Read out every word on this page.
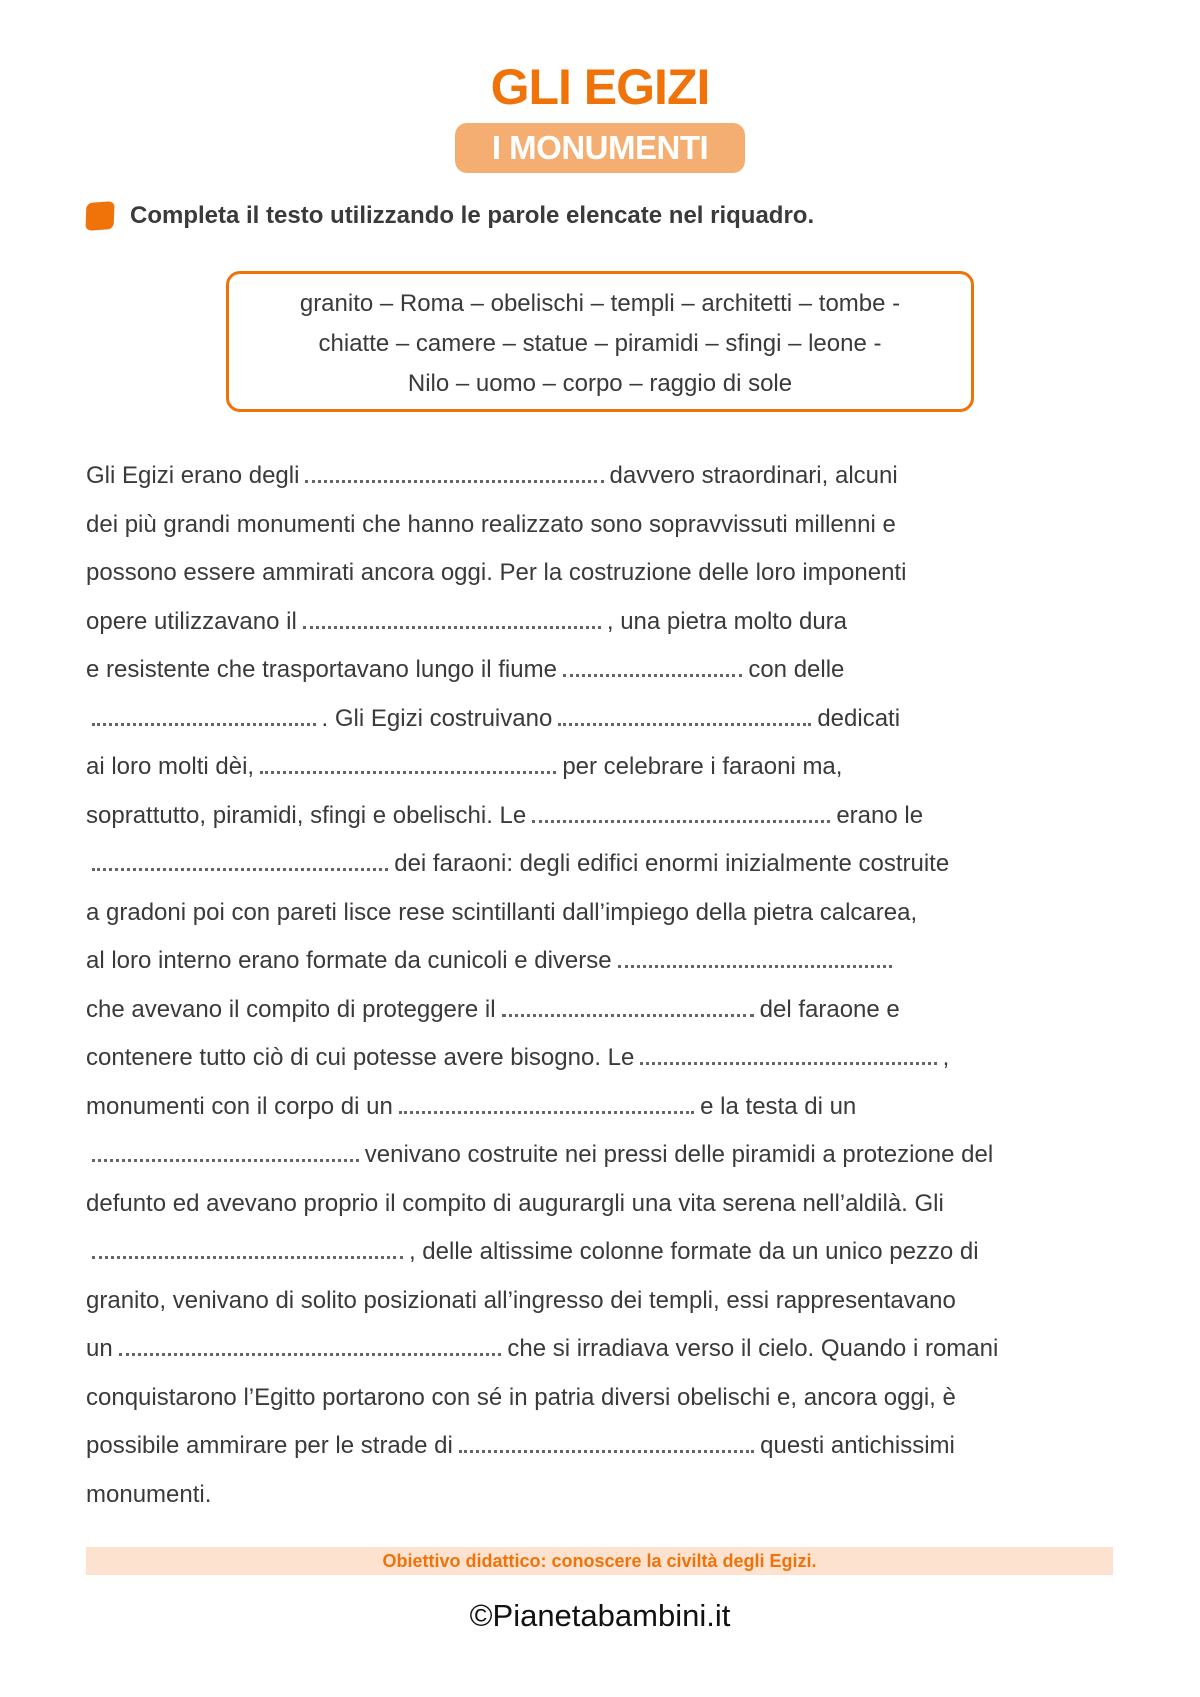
GLI EGIZI
I MONUMENTI
Completa il testo utilizzando le parole elencate nel riquadro.
granito – Roma – obelischi – templi – architetti – tombe -
chiatte – camere – statue – piramidi – sfingi – leone -
Nilo – uomo – corpo – raggio di sole
Gli Egizi erano degli	davvero straordinari, alcuni
dei più grandi monumenti che hanno realizzato sono sopravvissuti millenni e
possono essere ammirati ancora oggi. Per la costruzione delle loro imponenti
opere utilizzavano il	, una pietra molto dura
e resistente che trasportavano lungo il fiume	con delle
. Gli Egizi costruivano	dedicati
ai loro molti dèi,	per celebrare i faraoni ma,
soprattutto, piramidi, sfingi e obelischi. Le	erano le
dei faraoni: degli edifici enormi inizialmente costruite
a gradoni poi con pareti lisce rese scintillanti dall’impiego della pietra calcarea,
al loro interno erano formate da cunicoli e diverse
che avevano il compito di proteggere il	del faraone e
contenere tutto ciò di cui potesse avere bisogno. Le	,
monumenti con il corpo di un	e la testa di un
venivano costruite nei pressi delle piramidi a protezione del
defunto ed avevano proprio il compito di augurargli una vita serena nell’aldilà. Gli
, delle altissime colonne formate da un unico pezzo di
granito, venivano di solito posizionati all’ingresso dei templi, essi rappresentavano
un	che si irradiava verso il cielo. Quando i romani
conquistarono l’Egitto portarono con sé in patria diversi obelischi e, ancora oggi, è
possibile ammirare per le strade di	questi antichissimi
monumenti.
Obiettivo didattico: conoscere la civiltà degli Egizi.
©Pianetabambini.it
